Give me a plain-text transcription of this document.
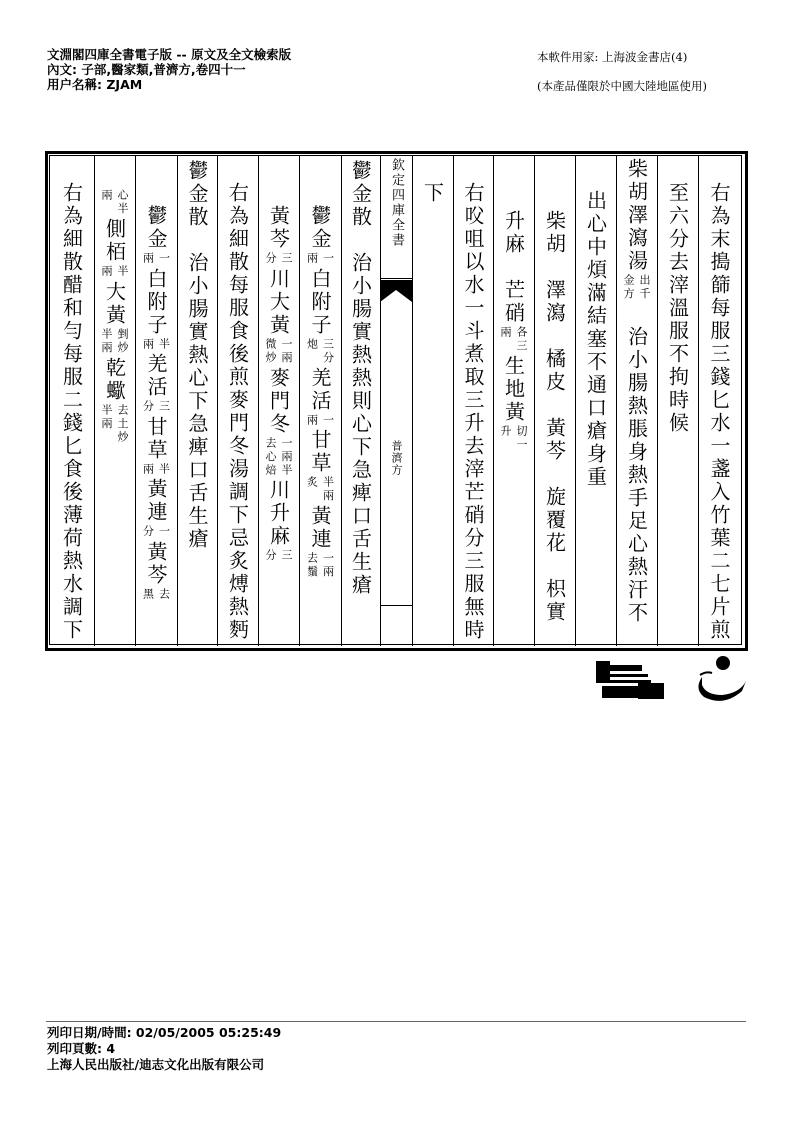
文淵閣四庫全書電子版 -- 原文及全文檢索版
內文: 子部,醫家類,普濟方,卷四十一
用户名稱: ZJAM
本軟件用家: 上海波金書店(4)
(本產品僅限於中國大陸地區使用)
右為末搗篩每服三錢匕水一盞入竹葉二七片煎
至六分去滓溫服不拘時候
柴胡澤瀉湯
出千
金方
　治小腸熱脹身熱手足心熱汗不
出心中煩滿結塞不通口瘡身重
柴胡　澤瀉　橘皮　黃芩　旋覆花　枳實
升麻　芒硝
各三
兩
生地黃
切一
升
右㕮咀以水一斗煮取三升去滓芒硝分三服無時
下
鬱金散　治小腸實熱熱則心下急痺口舌生瘡
鬱金
一
兩
白附子
三分
炮
羌活
一
兩
甘草
半兩
炙
黃連
一兩
去鬚
黃芩
三
分
川大黃
一兩
微炒
麥門冬
一兩半
去心焙
川升麻
三
分
右為細散每服食後煎麥門冬湯調下忌炙煿熱麪
鬱金散　治小腸實熱心下急痺口舌生瘡
鬱金
一
兩
白附子
半
兩
羌活
三
分
甘草
半
兩
黃連
一
分
黃芩
去
黑
心半
兩
側栢
半
兩
大黃
剉炒
半兩
乾蠍
去土炒
半兩
右為細散醋和勻每服二錢匕食後薄荷熱水調下	欽定四庫全書
普濟方
列印日期/時間: 02/05/2005 05:25:49
列印頁數: 4
上海人民出版社/迪志文化出版有限公司
